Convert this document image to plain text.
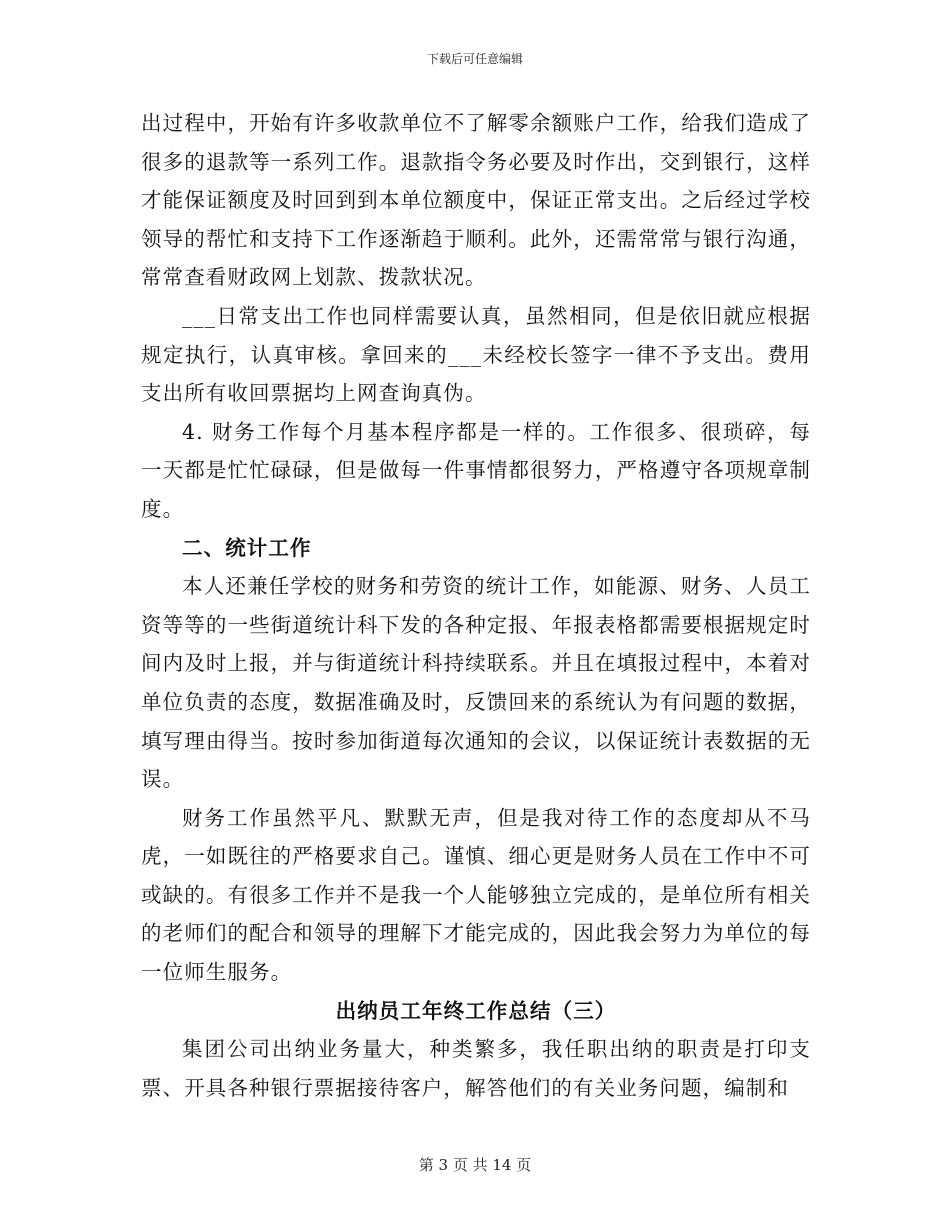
下载后可任意编辑

出过程中，开始有许多收款单位不了解零余额账户工作，给我们造成了很多的退款等一系列工作。退款指令务必要及时作出，交到银行，这样才能保证额度及时回到到本单位额度中，保证正常支出。之后经过学校领导的帮忙和支持下工作逐渐趋于顺利。此外，还需常常与银行沟通，常常查看财政网上划款、拨款状况。

___日常支出工作也同样需要认真，虽然相同，但是依旧就应根据规定执行，认真审核。拿回来的___未经校长签字一律不予支出。费用支出所有收回票据均上网查询真伪。

4. 财务工作每个月基本程序都是一样的。工作很多、很琐碎，每一天都是忙忙碌碌，但是做每一件事情都很努力，严格遵守各项规章制度。

二、统计工作

本人还兼任学校的财务和劳资的统计工作，如能源、财务、人员工资等等的一些街道统计科下发的各种定报、年报表格都需要根据规定时间内及时上报，并与街道统计科持续联系。并且在填报过程中，本着对单位负责的态度，数据准确及时，反馈回来的系统认为有问题的数据，填写理由得当。按时参加街道每次通知的会议，以保证统计表数据的无误。

财务工作虽然平凡、默默无声，但是我对待工作的态度却从不马虎，一如既往的严格要求自己。谨慎、细心更是财务人员在工作中不可或缺的。有很多工作并不是我一个人能够独立完成的，是单位所有相关的老师们的配合和领导的理解下才能完成的，因此我会努力为单位的每一位师生服务。

出纳员工年终工作总结（三）

集团公司出纳业务量大，种类繁多，我任职出纳的职责是打印支票、开具各种银行票据接待客户，解答他们的有关业务问题，编制和

第 3 页 共 14 页
